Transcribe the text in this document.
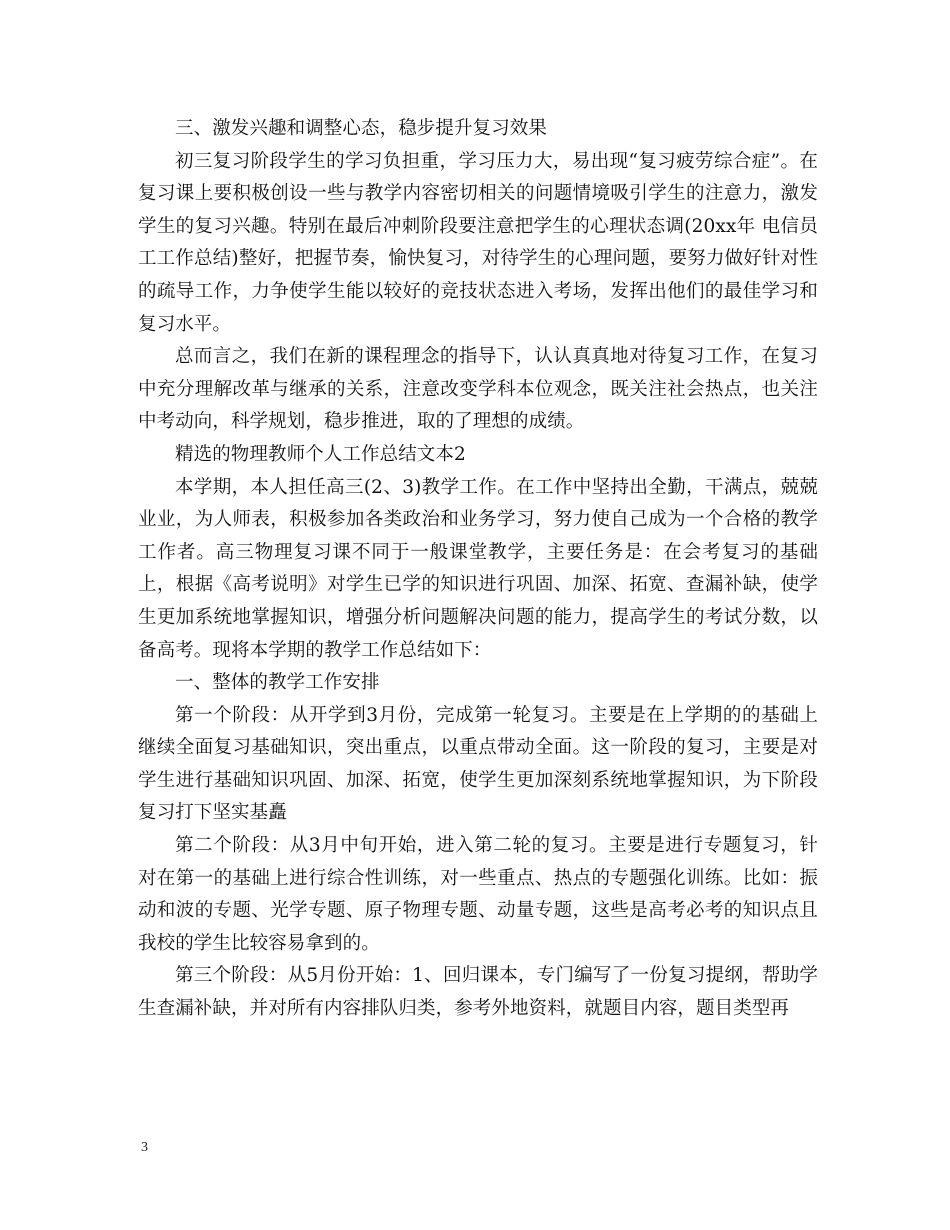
三、激发兴趣和调整心态，稳步提升复习效果

初三复习阶段学生的学习负担重，学习压力大，易出现“复习疲劳综合症”。在复习课上要积极创设一些与教学内容密切相关的问题情境吸引学生的注意力，激发学生的复习兴趣。特别在最后冲刺阶段要注意把学生的心理状态调(20xx年 电信员工工作总结)整好，把握节奏，愉快复习，对待学生的心理问题，要努力做好针对性的疏导工作，力争使学生能以较好的竞技状态进入考场，发挥出他们的最佳学习和复习水平。

总而言之，我们在新的课程理念的指导下，认认真真地对待复习工作，在复习中充分理解改革与继承的关系，注意改变学科本位观念，既关注社会热点，也关注中考动向，科学规划，稳步推进，取的了理想的成绩。

精选的物理教师个人工作总结文本2

本学期，本人担任高三(2、3)教学工作。在工作中坚持出全勤，干满点，兢兢业业，为人师表，积极参加各类政治和业务学习，努力使自己成为一个合格的教学工作者。高三物理复习课不同于一般课堂教学，主要任务是：在会考复习的基础上，根据《高考说明》对学生已学的知识进行巩固、加深、拓宽、查漏补缺，使学生更加系统地掌握知识，增强分析问题解决问题的能力，提高学生的考试分数，以备高考。现将本学期的教学工作总结如下：

一、整体的教学工作安排

第一个阶段：从开学到3月份，完成第一轮复习。主要是在上学期的的基础上继续全面复习基础知识，突出重点，以重点带动全面。这一阶段的复习，主要是对学生进行基础知识巩固、加深、拓宽，使学生更加深刻系统地掌握知识，为下阶段复习打下坚实基矗

第二个阶段：从3月中旬开始，进入第二轮的复习。主要是进行专题复习，针对在第一的基础上进行综合性训练，对一些重点、热点的专题强化训练。比如：振动和波的专题、光学专题、原子物理专题、动量专题，这些是高考必考的知识点且我校的学生比较容易拿到的。

第三个阶段：从5月份开始：1、回归课本，专门编写了一份复习提纲，帮助学生查漏补缺，并对所有内容排队归类，参考外地资料，就题目内容，题目类型再

3
